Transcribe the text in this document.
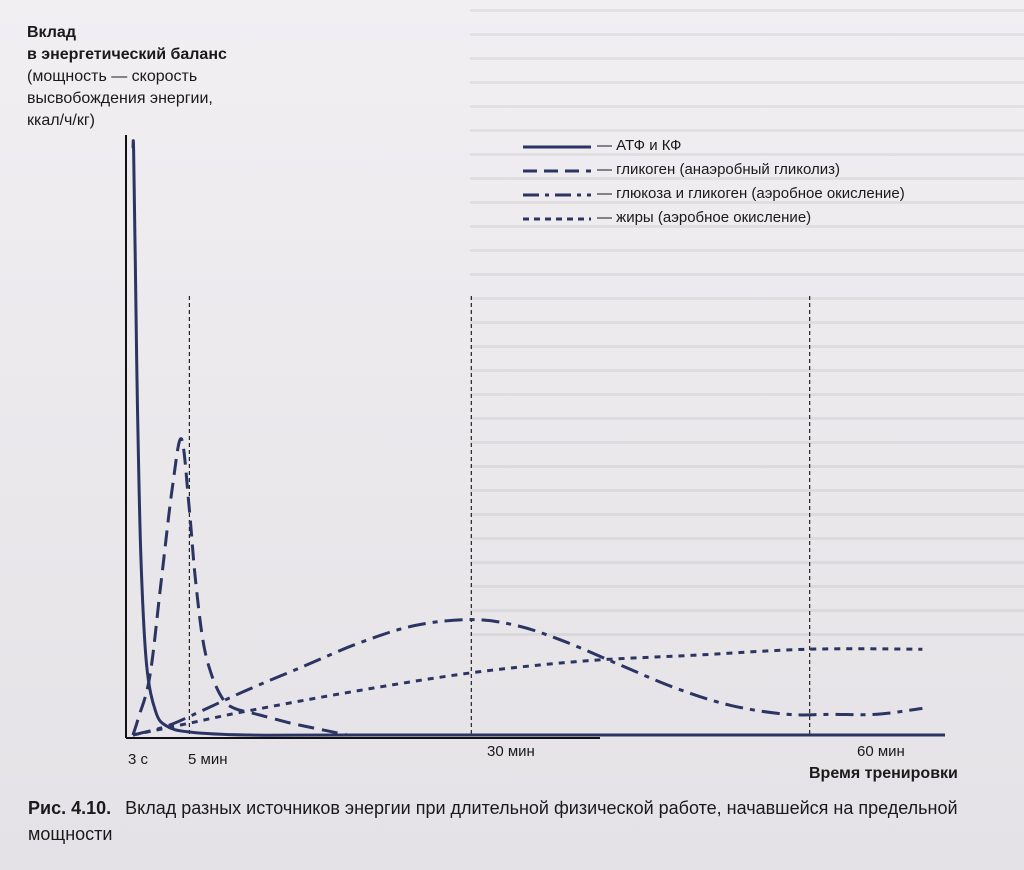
Вклад
в энергетический баланс
(мощность — скорость
высвобождения энергии,
ккал/ч/кг)
— АТФ и КФ
— гликоген (анаэробный гликолиз)
— глюкоза и гликоген (аэробное окисление)
— жиры (аэробное окисление)
3 с	5 мин	30 мин	60 мин
Время тренировки
Рис. 4.10. Вклад разных источников энергии при длительной физической работе, начавшейся на предельной мощности
